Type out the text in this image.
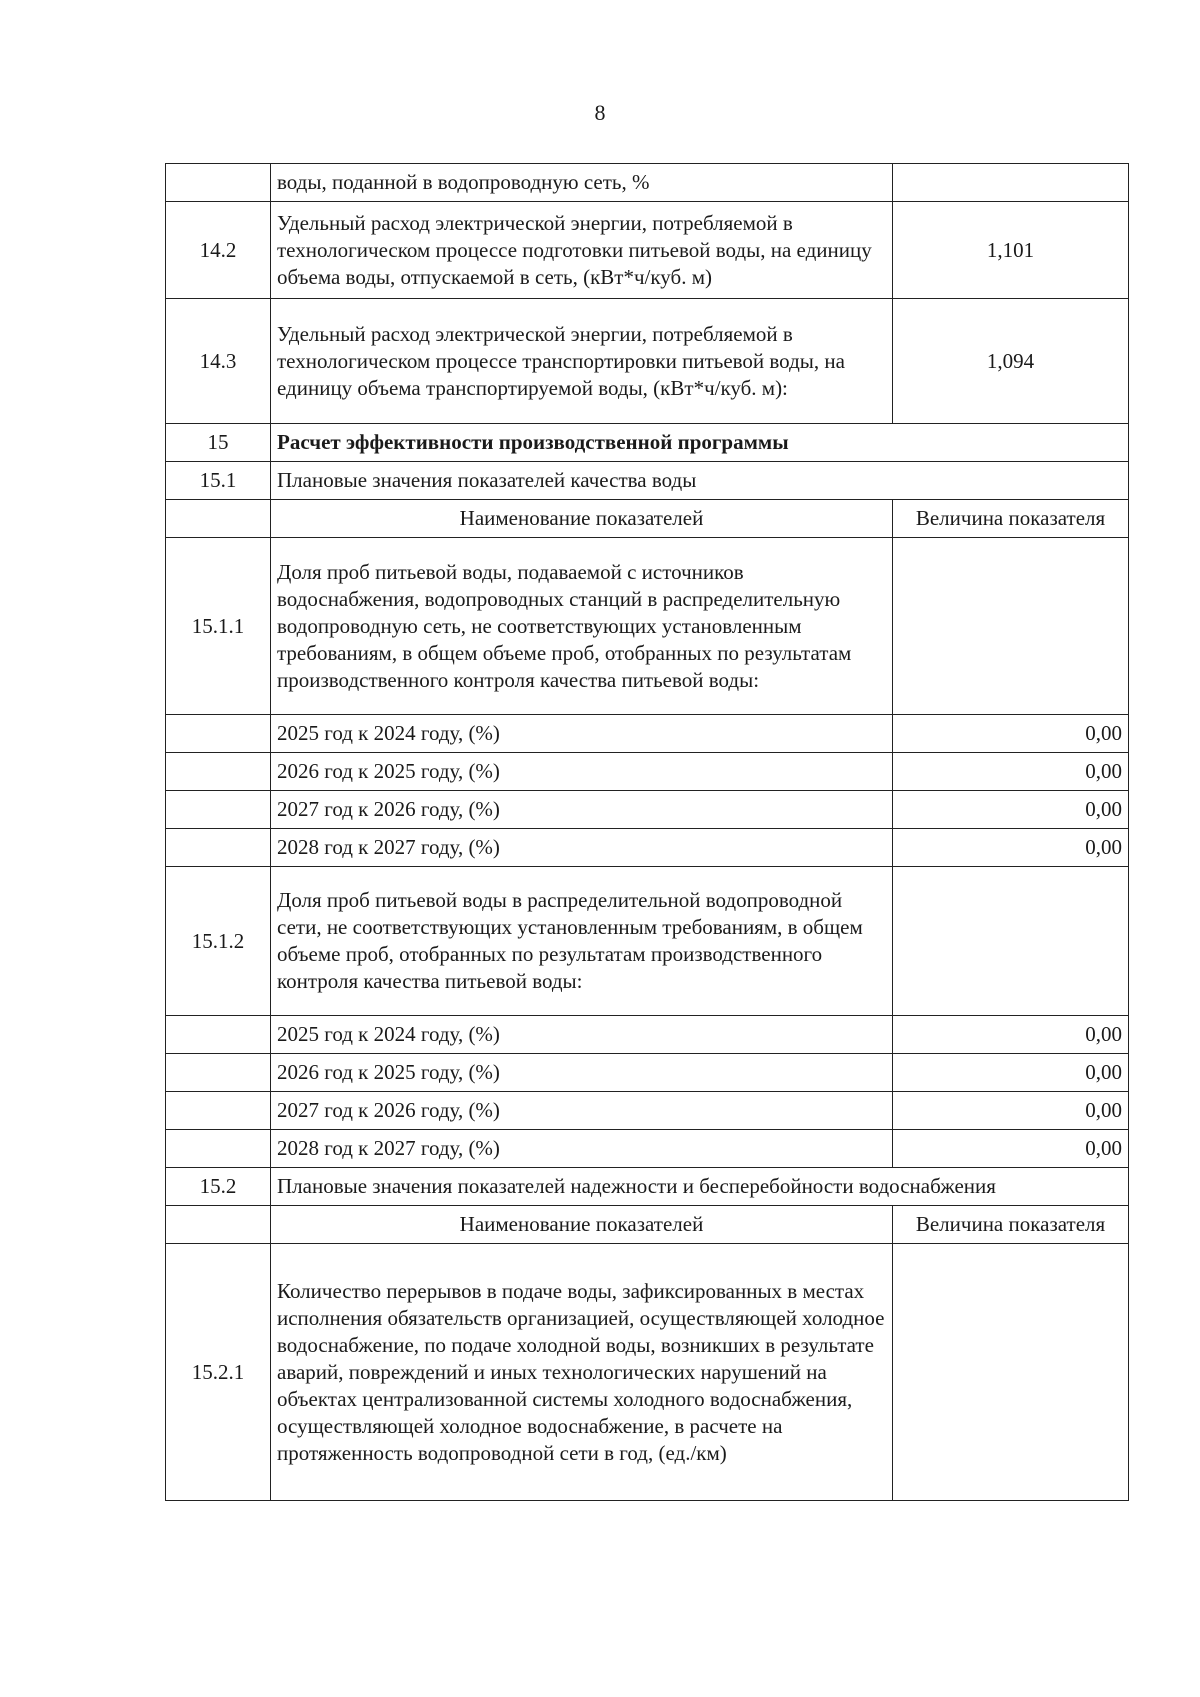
8
	воды, поданной в водопроводную сеть, %	
14.2	Удельный расход электрической энергии, потребляемой в технологическом процессе подготовки питьевой воды, на единицу объема воды, отпускаемой в сеть, (кВт*ч/куб. м)	1,101
14.3	Удельный расход электрической энергии, потребляемой в технологическом процессе транспортировки питьевой воды, на единицу объема транспортируемой воды, (кВт*ч/куб. м):	1,094
15	Расчет эффективности производственной программы	
15.1	Плановые значения показателей качества воды	
	Наименование показателей	Величина показателя
15.1.1	Доля проб питьевой воды, подаваемой с источников водоснабжения, водопроводных станций в распределительную водопроводную сеть, не соответствующих установленным требованиям, в общем объеме проб, отобранных по результатам производственного контроля качества питьевой воды:	
	2025 год к 2024 году, (%)	0,00
	2026 год к 2025 году, (%)	0,00
	2027 год к 2026 году, (%)	0,00
	2028 год к 2027 году, (%)	0,00
15.1.2	Доля проб питьевой воды в распределительной водопроводной сети, не соответствующих установленным требованиям, в общем объеме проб, отобранных по результатам производственного контроля качества питьевой воды:	
	2025 год к 2024 году, (%)	0,00
	2026 год к 2025 году, (%)	0,00
	2027 год к 2026 году, (%)	0,00
	2028 год к 2027 году, (%)	0,00
15.2	Плановые значения показателей надежности и бесперебойности водоснабжения	
	Наименование показателей	Величина показателя
15.2.1	Количество перерывов в подаче воды, зафиксированных в местах исполнения обязательств организацией, осуществляющей холодное водоснабжение, по подаче холодной воды, возникших в результате аварий, повреждений и иных технологических нарушений на объектах централизованной системы холодного водоснабжения, осуществляющей холодное водоснабжение, в расчете на протяженность водопроводной сети в год, (ед./км)	
